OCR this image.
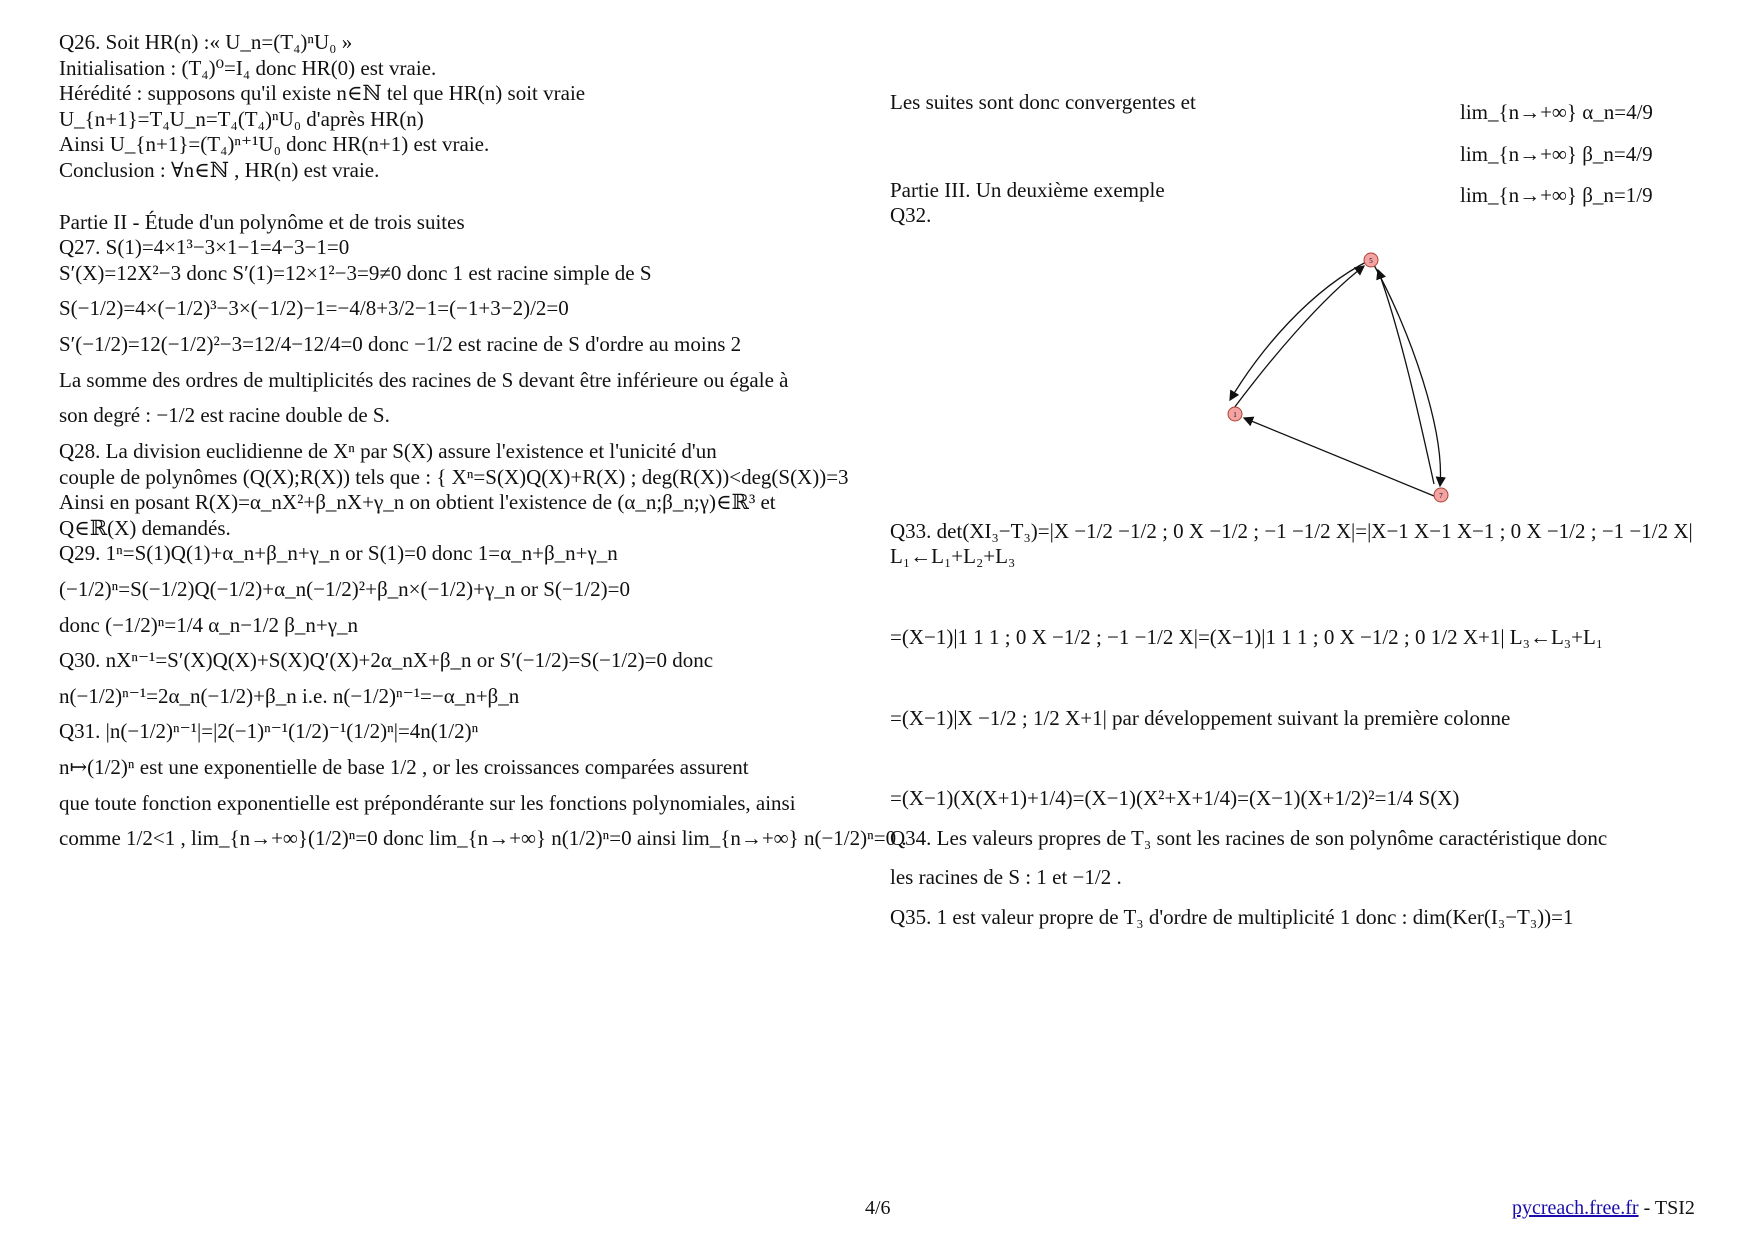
Q26. Soit HR(n) :« U_n=(T₄)ⁿU₀ »
Initialisation : (T₄)⁰=I₄ donc HR(0) est vraie.
Hérédité : supposons qu'il existe n∈ℕ tel que HR(n) soit vraie
U_{n+1}=T₄U_n=T₄(T₄)ⁿU₀ d'après HR(n)
Ainsi U_{n+1}=(T₄)ⁿ⁺¹U₀ donc HR(n+1) est vraie.
Conclusion : ∀n∈ℕ , HR(n) est vraie.
Partie II - Étude d'un polynôme et de trois suites
Q27. S(1)=4×1³−3×1−1=4−3−1=0
S′(X)=12X²−3 donc S′(1)=12×1²−3=9≠0 donc 1 est racine simple de S
S(−1/2)=4×(−1/2)³−3×(−1/2)−1=−4/8+3/2−1=(−1+3−2)/2=0
S′(−1/2)=12(−1/2)²−3=12/4−12/4=0 donc −1/2 est racine de S d'ordre au moins 2
La somme des ordres de multiplicités des racines de S devant être inférieure ou égale à
son degré : −1/2 est racine double de S.
Q28. La division euclidienne de Xⁿ par S(X) assure l'existence et l'unicité d'un
couple de polynômes (Q(X);R(X)) tels que : { Xⁿ=S(X)Q(X)+R(X) ; deg(R(X))<deg(S(X))=3
Ainsi en posant R(X)=α_nX²+β_nX+γ_n on obtient l'existence de (α_n;β_n;γ)∈ℝ³ et
Q∈ℝ(X) demandés.
Q29. 1ⁿ=S(1)Q(1)+α_n+β_n+γ_n or S(1)=0 donc 1=α_n+β_n+γ_n
(−1/2)ⁿ=S(−1/2)Q(−1/2)+α_n(−1/2)²+β_n×(−1/2)+γ_n or S(−1/2)=0
donc (−1/2)ⁿ=1/4 α_n−1/2 β_n+γ_n
Q30. nXⁿ⁻¹=S′(X)Q(X)+S(X)Q′(X)+2α_nX+β_n or S′(−1/2)=S(−1/2)=0 donc
n(−1/2)ⁿ⁻¹=2α_n(−1/2)+β_n i.e. n(−1/2)ⁿ⁻¹=−α_n+β_n
Q31. |n(−1/2)ⁿ⁻¹|=|2(−1)ⁿ⁻¹(1/2)⁻¹(1/2)ⁿ|=4n(1/2)ⁿ
n↦(1/2)ⁿ est une exponentielle de base 1/2 , or les croissances comparées assurent
que toute fonction exponentielle est prépondérante sur les fonctions polynomiales, ainsi
comme 1/2<1 , lim_{n→+∞}(1/2)ⁿ=0 donc lim_{n→+∞} n(1/2)ⁿ=0 ainsi lim_{n→+∞} n(−1/2)ⁿ=0 .
Les suites sont donc convergentes et
Partie III. Un deuxième exemple
Q32.
Q33. det(XI₃−T₃)=|X −1/2 −1/2 ; 0 X −1/2 ; −1 −1/2 X|=|X−1 X−1 X−1 ; 0 X −1/2 ; −1 −1/2 X| L₁←L₁+L₂+L₃
=(X−1)|1 1 1 ; 0 X −1/2 ; −1 −1/2 X|=(X−1)|1 1 1 ; 0 X −1/2 ; 0 1/2 X+1| L₃←L₃+L₁
=(X−1)|X −1/2 ; 1/2 X+1| par développement suivant la première colonne
=(X−1)(X(X+1)+1/4)=(X−1)(X²+X+1/4)=(X−1)(X+1/2)²=1/4 S(X)
Q34. Les valeurs propres de T₃ sont les racines de son polynôme caractéristique donc
les racines de S : 1 et −1/2 .
Q35. 1 est valeur propre de T₃ d'ordre de multiplicité 1 donc : dim(Ker(I₃−T₃))=1
5
1
7
lim_{n→+∞} α_n=4/9
lim_{n→+∞} β_n=4/9
lim_{n→+∞} β_n=1/9
4/6	pycreach.free.fr - TSI2
